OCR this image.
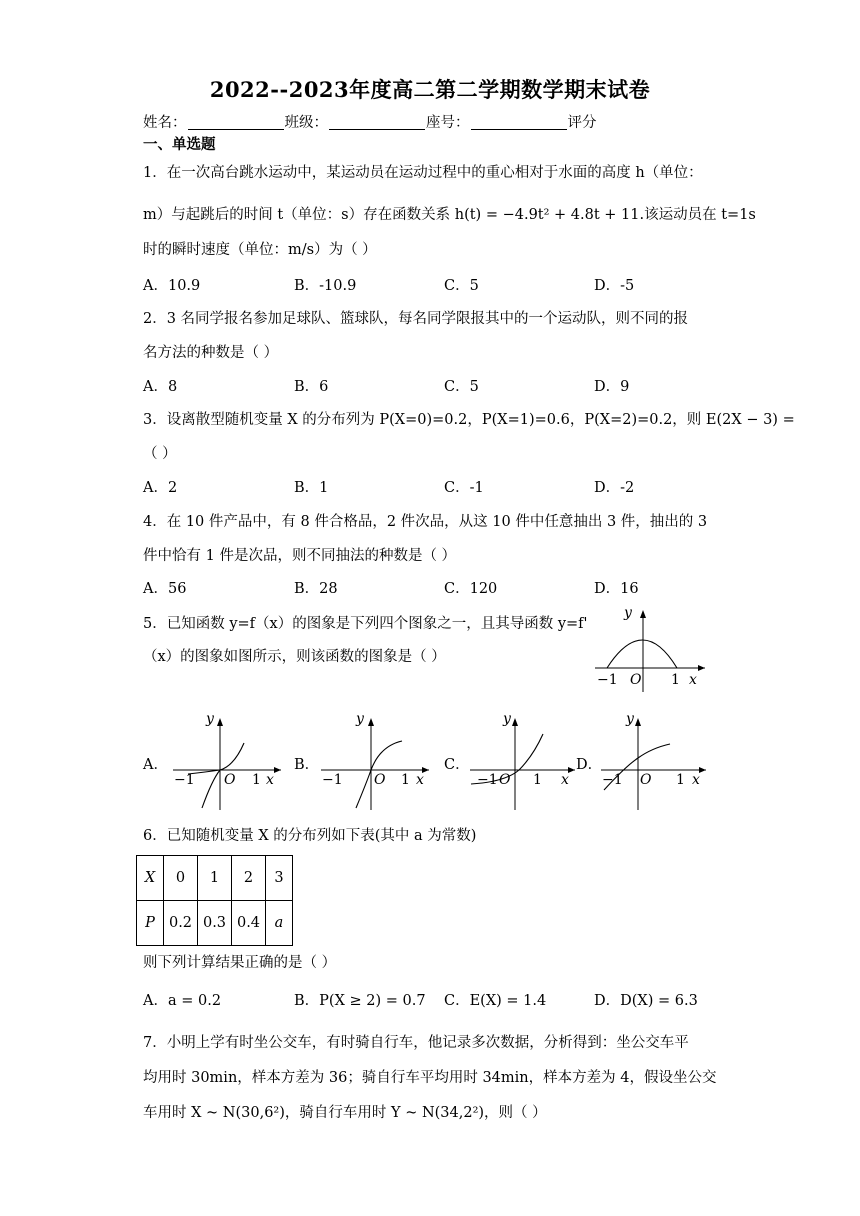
2022--2023年度高二第二学期数学期末试卷
姓名：	班级：	座号：	评分
一、单选题
1．在一次高台跳水运动中，某运动员在运动过程中的重心相对于水面的高度 h（单位：
m）与起跳后的时间 t（单位：s）存在函数关系 h(t) = −4.9t² + 4.8t + 11.该运动员在 t=1s
时的瞬时速度（单位：m/s）为（ ）
A．10.9	B．-10.9	C．5	D．-5
2．3 名同学报名参加足球队、篮球队，每名同学限报其中的一个运动队，则不同的报
名方法的种数是（ ）
A．8	B．6	C．5	D．9
3．设离散型随机变量 X 的分布列为 P(X=0)=0.2，P(X=1)=0.6，P(X=2)=0.2，则 E(2X − 3) =
（ ）
A．2	B．1	C．-1	D．-2
4．在 10 件产品中，有 8 件合格品，2 件次品，从这 10 件中任意抽出 3 件，抽出的 3
件中恰有 1 件是次品，则不同抽法的种数是（ ）
A．56	B．28	C．120	D．16
5．已知函数 y=f（x）的图象是下列四个图象之一，且其导函数 y=f'
（x）的图象如图所示，则该函数的图象是（ ）
y
x
O
−1	1
A．
y
x
O
−1	1
B．
y
x
O
−1	1
C．
y
x
O
−1	1
D．
y
x
O
−1	1
6．已知随机变量 X 的分布列如下表(其中 a 为常数)
X	0	1	2	3
P	0.2	0.3	0.4	a
则下列计算结果正确的是（ ）
A．a = 0.2	B．P(X ≥ 2) = 0.7 C．E(X) = 1.4	D．D(X) = 6.3
7．小明上学有时坐公交车，有时骑自行车，他记录多次数据，分析得到：坐公交车平
均用时 30min，样本方差为 36；骑自行车平均用时 34min，样本方差为 4，假设坐公交
车用时 X ~ N(30,6²)，骑自行车用时 Y ~ N(34,2²)，则（ ）
